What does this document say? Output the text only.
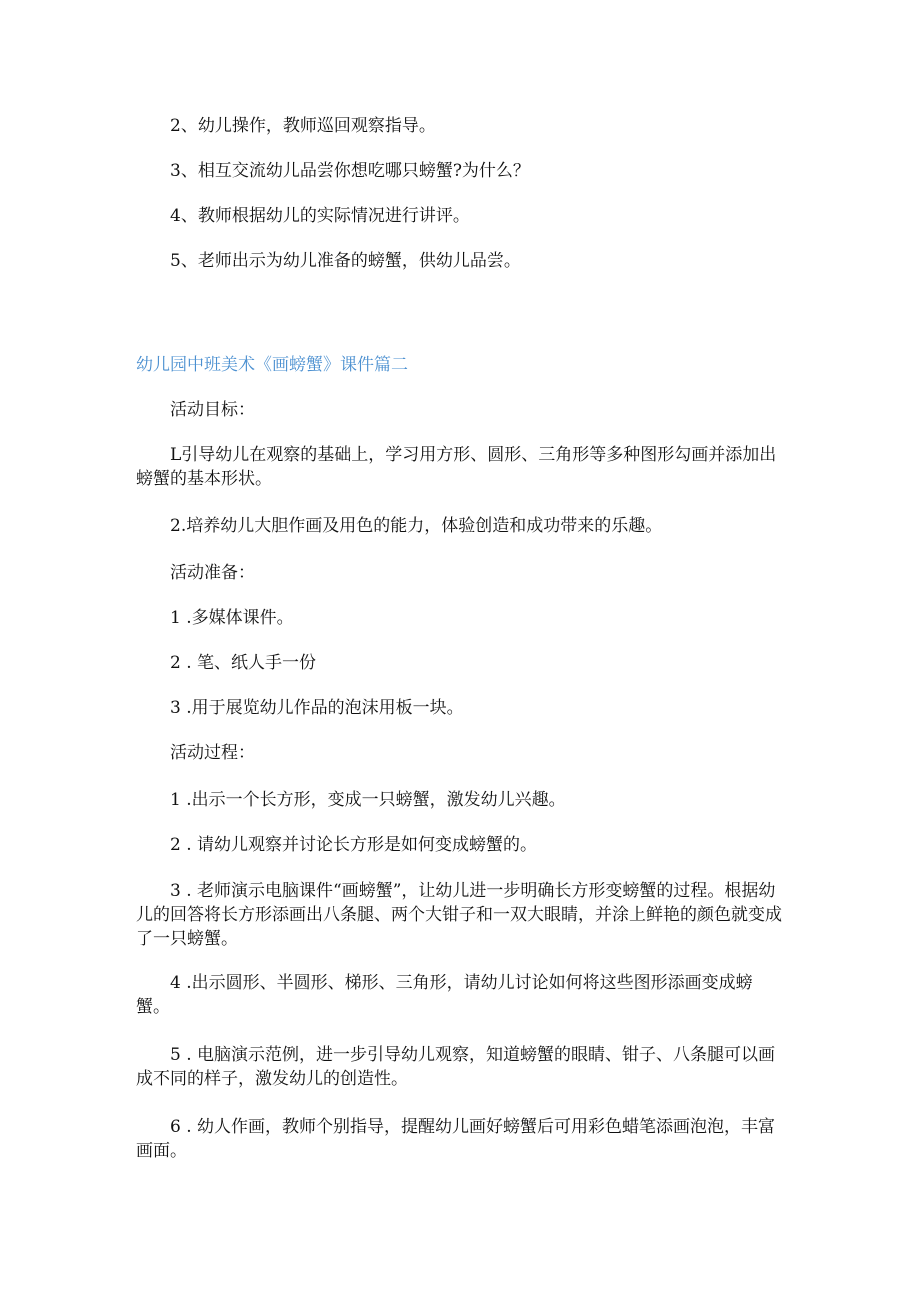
2、幼儿操作，教师巡回观察指导。
3、相互交流幼儿品尝你想吃哪只螃蟹?为什么？
4、教师根据幼儿的实际情况进行讲评。
5、老师出示为幼儿准备的螃蟹，供幼儿品尝。
幼儿园中班美术《画螃蟹》课件篇二
活动目标：
L引导幼儿在观察的基础上，学习用方形、圆形、三角形等多种图形勾画并添加出螃蟹的基本形状。
2.培养幼儿大胆作画及用色的能力，体验创造和成功带来的乐趣。
活动准备：
1 .多媒体课件。
2 . 笔、纸人手一份
3 .用于展览幼儿作品的泡沫用板一块。
活动过程：
1 .出示一个长方形，变成一只螃蟹，激发幼儿兴趣。
2 . 请幼儿观察并讨论长方形是如何变成螃蟹的。
3 . 老师演示电脑课件“画螃蟹”，让幼儿进一步明确长方形变螃蟹的过程。根据幼儿的回答将长方形添画出八条腿、两个大钳子和一双大眼睛，并涂上鲜艳的颜色就变成了一只螃蟹。
4 .出示圆形、半圆形、梯形、三角形，请幼儿讨论如何将这些图形添画变成螃蟹。
5 . 电脑演示范例，进一步引导幼儿观察，知道螃蟹的眼睛、钳子、八条腿可以画成不同的样子，激发幼儿的创造性。
6 . 幼人作画，教师个别指导，提醒幼儿画好螃蟹后可用彩色蜡笔添画泡泡，丰富画面。
